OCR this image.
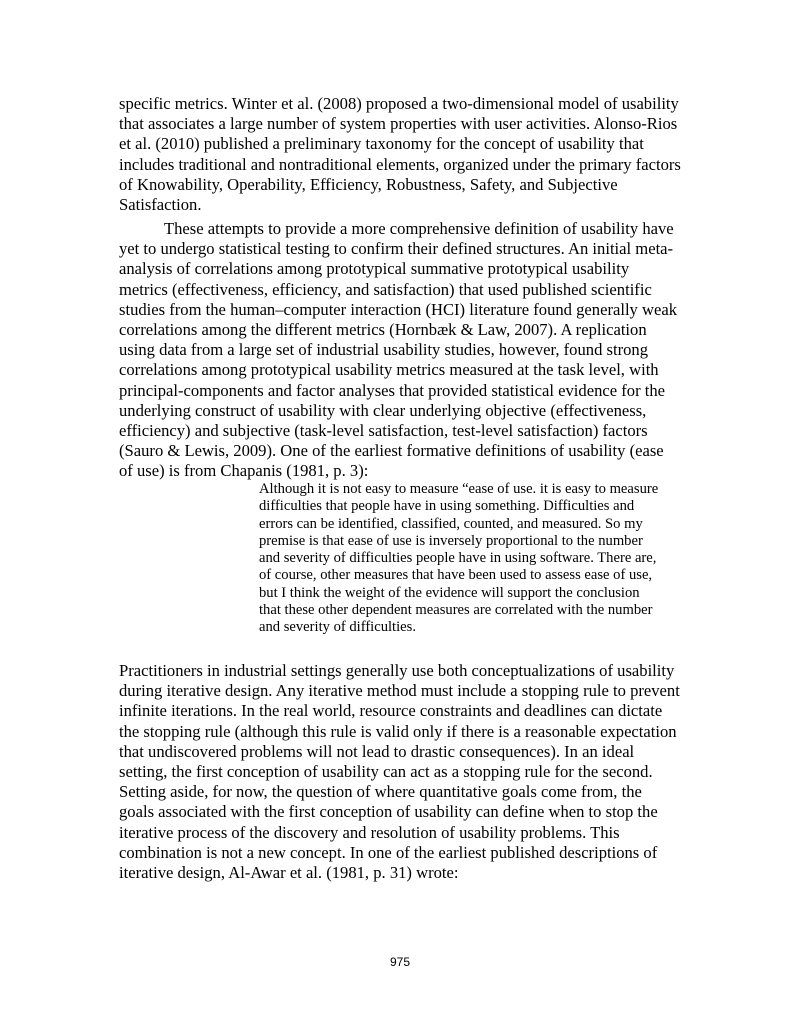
specific metrics. Winter et al. (2008) proposed a two-dimensional model of usability that associates a large number of system properties with user activities. Alonso-Rios et al. (2010) published a preliminary taxonomy for the concept of usability that includes traditional and nontraditional elements, organized under the primary factors of Knowability, Operability, Efficiency, Robustness, Safety, and Subjective Satisfaction.

These attempts to provide a more comprehensive definition of usability have yet to undergo statistical testing to confirm their defined structures. An initial meta-analysis of correlations among prototypical summative prototypical usability metrics (effectiveness, efficiency, and satisfaction) that used published scientific studies from the human–computer interaction (HCI) literature found generally weak correlations among the different metrics (Hornbæk & Law, 2007). A replication using data from a large set of industrial usability studies, however, found strong correlations among prototypical usability metrics measured at the task level, with principal-components and factor analyses that provided statistical evidence for the underlying construct of usability with clear underlying objective (effectiveness, efficiency) and subjective (task-level satisfaction, test-level satisfaction) factors (Sauro & Lewis, 2009). One of the earliest formative definitions of usability (ease of use) is from Chapanis (1981, p. 3):

Although it is not easy to measure “ease of use. it is easy to measure difficulties that people have in using something. Difficulties and errors can be identified, classified, counted, and measured. So my premise is that ease of use is inversely proportional to the number and severity of difficulties people have in using software. There are, of course, other measures that have been used to assess ease of use, but I think the weight of the evidence will support the conclusion that these other dependent measures are correlated with the number and severity of difficulties.

Practitioners in industrial settings generally use both conceptualizations of usability during iterative design. Any iterative method must include a stopping rule to prevent infinite iterations. In the real world, resource constraints and deadlines can dictate the stopping rule (although this rule is valid only if there is a reasonable expectation that undiscovered problems will not lead to drastic consequences). In an ideal setting, the first conception of usability can act as a stopping rule for the second. Setting aside, for now, the question of where quantitative goals come from, the goals associated with the first conception of usability can define when to stop the iterative process of the discovery and resolution of usability problems. This combination is not a new concept. In one of the earliest published descriptions of iterative design, Al-Awar et al. (1981, p. 31) wrote:

975
